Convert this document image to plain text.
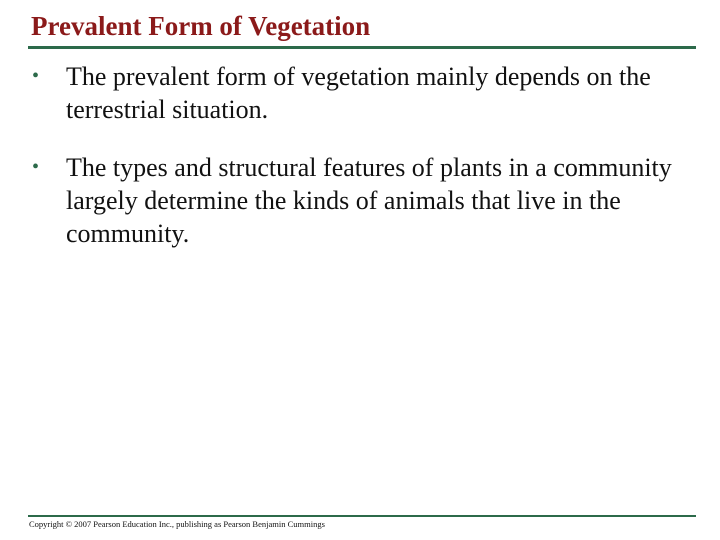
Prevalent Form of Vegetation
• The prevalent form of vegetation mainly depends on the terrestrial situation.
• The types and structural features of plants in a community largely determine the kinds of animals that live in the community.
Copyright © 2007 Pearson Education Inc., publishing as Pearson Benjamin Cummings
